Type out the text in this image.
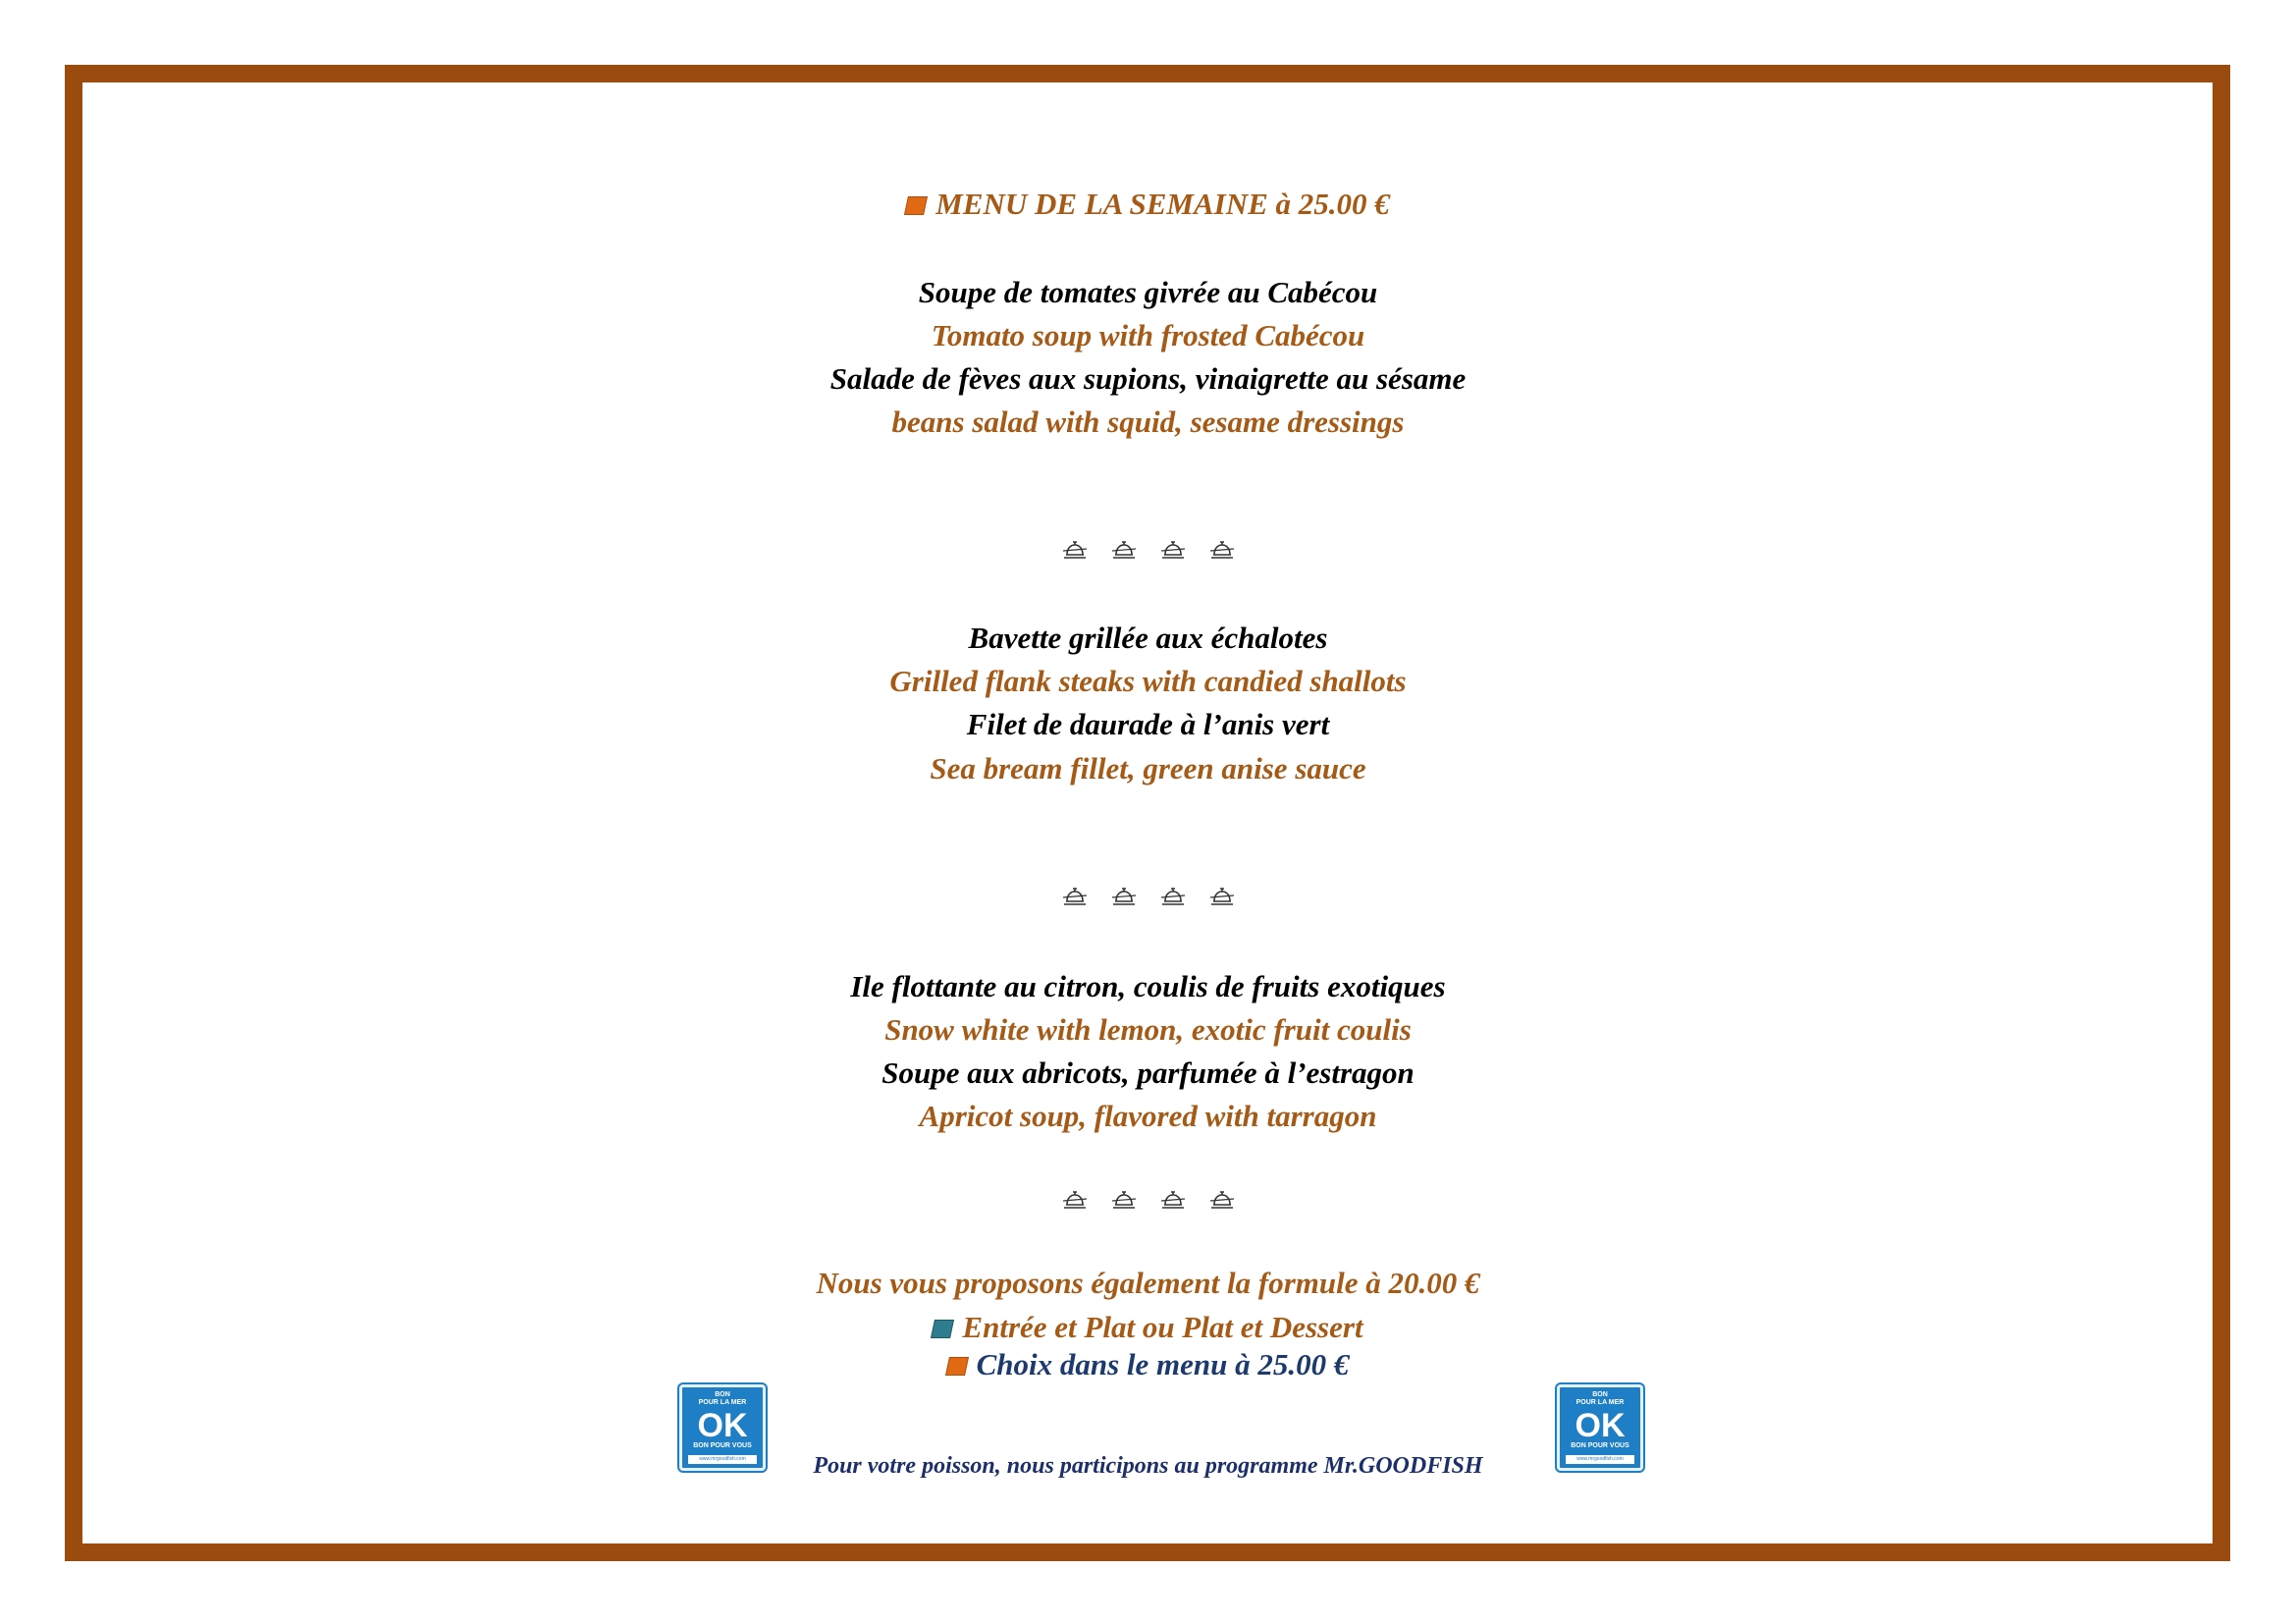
MENU DE LA SEMAINE à 25.00 €
Soupe de tomates givrée au Cabécou
Tomato soup with frosted Cabécou
Salade de fèves aux supions, vinaigrette au sésame
beans salad with squid, sesame dressings

Bavette grillée aux échalotes
Grilled flank steaks with candied shallots
Filet de daurade à l’anis vert
Sea bream fillet, green anise sauce

Ile flottante au citron, coulis de fruits exotiques
Snow white with lemon, exotic fruit coulis
Soupe aux abricots, parfumée à l’estragon
Apricot soup, flavored with tarragon

Nous vous proposons également la formule à 20.00 €
Entrée et Plat ou Plat et Dessert
Choix dans le menu à 25.00 €
BON
POUR LA MER
OK
BON POUR VOUS
www.mrgoodfish.com
BON
POUR LA MER
OK
BON POUR VOUS
www.mrgoodfish.com
Pour votre poisson, nous participons au programme Mr.GOODFISH
